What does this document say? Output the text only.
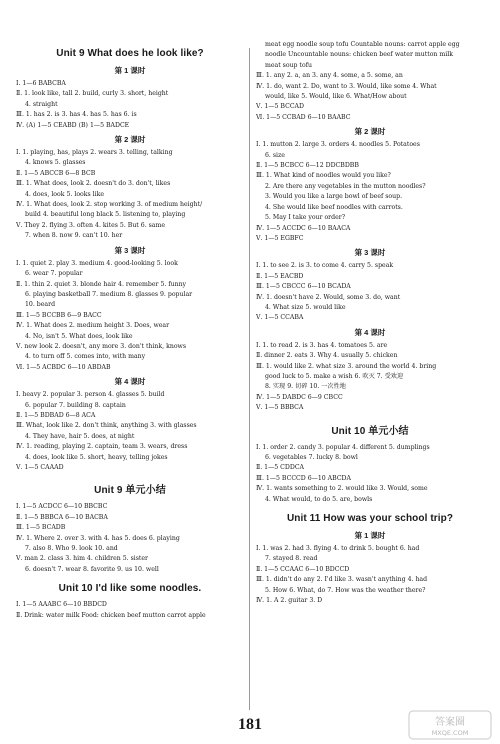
Unit 9 What does he look like?
第 1 课时
Ⅰ. 1—6 BABCBA
Ⅱ. 1. look like, tall 2. build, curly 3. short, height
4. straight
Ⅲ. 1. has 2. is 3. has 4. has 5. has 6. is
Ⅳ. (A) 1—5 CEABD (B) 1—5 BADCE
第 2 课时
Ⅰ. 1. playing, has, plays 2. wears 3. telling, talking
4. knows 5. glasses
Ⅱ. 1—5 ABCCB 6—8 BCB
Ⅲ. 1. What does, look 2. doesn't do 3. don't, likes
4. does, look 5. looks like
Ⅳ. 1. What does, look 2. stop working 3. of medium height/
build 4. beautiful long black 5. listening to, playing
Ⅴ. They 2. flying 3. often 4. kites 5. But 6. same
7. when 8. now 9. can't 10. her
第 3 课时
Ⅰ. 1. quiet 2. play 3. medium 4. good-looking 5. look
6. wear 7. popular
Ⅱ. 1. thin 2. quiet 3. blonde hair 4. remember 5. funny
6. playing basketball 7. medium 8. glasses 9. popular
10. beard
Ⅲ. 1—5 BCCBB 6—9 BACC
Ⅳ. 1. What does 2. medium height 3. Does, wear
4. No, isn't 5. What does, look like
Ⅴ. new look 2. doesn't, any more 3. don't think, knows
4. to turn off 5. comes into, with many
Ⅵ. 1—5 ACBDC 6—10 ABDAB
第 4 课时
Ⅰ. heavy 2. popular 3. person 4. glasses 5. build
6. popular 7. building 8. captain
Ⅱ. 1—5 BDBAD 6—8 ACA
Ⅲ. What, look like 2. don't think, anything 3. with glasses
4. They have, hair 5. does, at night
Ⅳ. 1. reading, playing 2. captain, team 3. wears, dress
4. does, look like 5. short, heavy, telling jokes
Ⅴ. 1—5 CAAAD
Unit 9 单元小结
Ⅰ. 1—5 ACDCC 6—10 BBCBC
Ⅱ. 1—5 BBBCA 6—10 BACBA
Ⅲ. 1—5 BCADB
Ⅳ. 1. Where 2. over 3. with 4. has 5. does 6. playing
7. also 8. Who 9. look 10. and
Ⅴ. man 2. class 3. him 4. children 5. sister
6. doesn't 7. wear 8. favorite 9. us 10. well
Unit 10 I'd like some noodles.
Ⅰ. 1—5 AAABC 6—10 BBDCD
Ⅱ. Drink: water milk Food: chicken beef mutton carrot apple
meat egg noodle soup tofu Countable nouns: carrot apple egg
noodle Uncountable nouns: chicken beef water mutton milk
meat soup tofu
Ⅲ. 1. any 2. a, an 3. any 4. some, a 5. some, an
Ⅳ. 1. do, want 2. Do, want to 3. Would, like some 4. What
would, like 5. Would, like 6. What/How about
Ⅴ. 1—5 BCCAD
Ⅵ. 1—5 CCBAD 6—10 BAABC
第 2 课时
Ⅰ. 1. mutton 2. large 3. orders 4. noodles 5. Potatoes
6. size
Ⅱ. 1—5 BCBCC 6—12 DDCBDBB
Ⅲ. 1. What kind of noodles would you like?
2. Are there any vegetables in the mutton noodles?
3. Would you like a large bowl of beef soup.
4. She would like beef noodles with carrots.
5. May I take your order?
Ⅳ. 1—5 ACCDC 6—10 BAACA
Ⅴ. 1—5 EGBFC
第 3 课时
Ⅰ. 1. to see 2. is 3. to come 4. carry 5. speak
Ⅱ. 1—5 EACBD
Ⅲ. 1—5 CBCCC 6—10 BCADA
Ⅳ. 1. doesn't have 2. Would, some 3. do, want
4. What size 5. would like
Ⅴ. 1—5 CCABA
第 4 课时
Ⅰ. 1. to read 2. is 3. has 4. tomatoes 5. are
Ⅱ. dinner 2. eats 3. Why 4. usually 5. chicken
Ⅲ. 1. would like 2. what size 3. around the world 4. bring
good luck to 5. make a wish 6. 吹灭 7. 受欢迎
8. 实现 9. 切碎 10. 一次性地
Ⅳ. 1—5 DABDC 6—9 CBCC
Ⅴ. 1—5 BBBCA
Unit 10 单元小结
Ⅰ. 1. order 2. candy 3. popular 4. different 5. dumplings
6. vegetables 7. lucky 8. bowl
Ⅱ. 1—5 CDDCA
Ⅲ. 1—5 BCCCD 6—10 ABCDA
Ⅳ. 1. wants something to 2. would like 3. Would, some
4. What would, to do 5. are, bowls
Unit 11 How was your school trip?
第 1 课时
Ⅰ. 1. was 2. had 3. flying 4. to drink 5. bought 6. had
7. stayed 8. read
Ⅱ. 1—5 CCAAC 6—10 BDCCD
Ⅲ. 1. didn't do any 2. I'd like 3. wasn't anything 4. had
5. How 6. What, do 7. How was the weather there?
Ⅳ. 1. A 2. guitar 3. D
181	答案圈
MXQE.COM
